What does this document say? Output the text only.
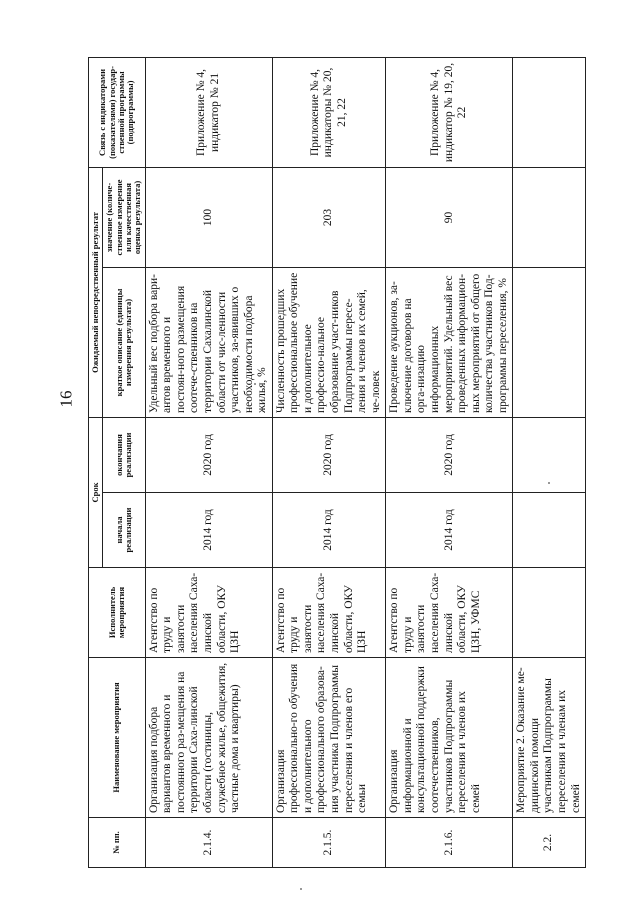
16
№ пп.	Наименование мероприятия	Исполнитель мероприятия	Срок		Ожидаемый непосредственный результат		Связь с индикаторами (показателями) государ-ственной программы (подпрограммы)
			начала реализации	окончания реализации	краткое описание (единицы измерения результата)	значение (количе-ственное измерение или качественная оценка результата)	
2.1.4.	Организация подбора вариантов временного и постоянного раз-мещения на территории Саха-линской области (гостиницы, служебное жилье, общежития, частные дома и квартиры)	Агентство по труду и занятости населения Саха-линской области, ОКУ ЦЗН	2014 год	2020 год	Удельный вес подбора вари-антов временного и постоян-ного размещения соотече-ственников на территории Сахалинской области от чис-ленности участников, за-явивших о необходимости подбора жилья, %	100	Приложение № 4, индикатор № 21
2.1.5.	Организация профессионально-го обучения и дополнительного профессионального образова-ния участника Подпрограммы переселения и членов его семьи	Агентство по труду и занятости населения Саха-линской области, ОКУ ЦЗН	2014 год	2020 год	Численность прошедших профессиональное обучение и дополнительное профессио-нальное образование участ-ников Подпрограммы пересе-ления и членов их семей, че-ловек	203	Приложение № 4, индикаторы № 20, 21, 22
2.1.6.	Организация информационной и консультационной поддержки соотечественников, участников Подпрограммы переселения и членов их семей	Агентство по труду и занятости населения Саха-линской области, ОКУ ЦЗН, УФМС	2014 год	2020 год	Проведение аукционов, за-ключение договоров на орга-низацию информационных мероприятий. Удельный вес проведенных информацион-ных мероприятий от общего количества участников Под-программы переселения, %	90	Приложение № 4, индикатор № 19, 20, 22
2.2.	Мероприятие 2. Оказание ме-дицинской помощи участникам Подпрограммы переселения и членам их семей						
